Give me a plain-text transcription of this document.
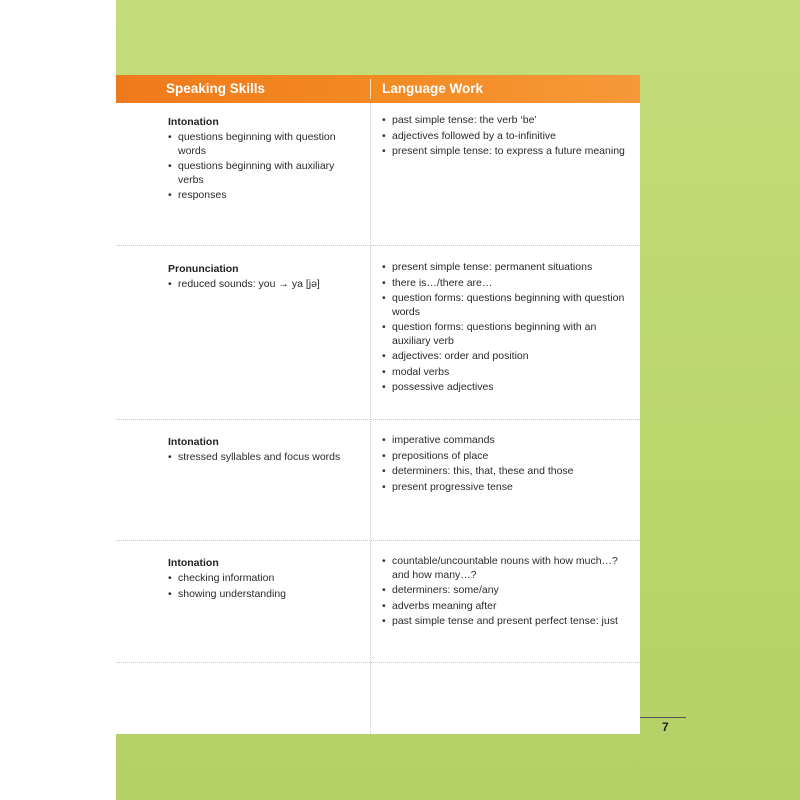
Speaking Skills	Language Work
Intonation
• questions beginning with question words
• questions beginning with auxiliary verbs
• responses
• past simple tense: the verb ‘be’
• adjectives followed by a to-infinitive
• present simple tense: to express a future meaning
Pronunciation
• reduced sounds: you → ya [jə]
• present simple tense: permanent situations
• there is…/there are…
• question forms: questions beginning with question words
• question forms: questions beginning with an auxiliary verb
• adjectives: order and position
• modal verbs
• possessive adjectives
Intonation
• stressed syllables and focus words
• imperative commands
• prepositions of place
• determiners: this, that, these and those
• present progressive tense
Intonation
• checking information
• showing understanding
• countable/uncountable nouns with how much…? and how many…?
• determiners: some/any
• adverbs meaning after
• past simple tense and present perfect tense: just
7
